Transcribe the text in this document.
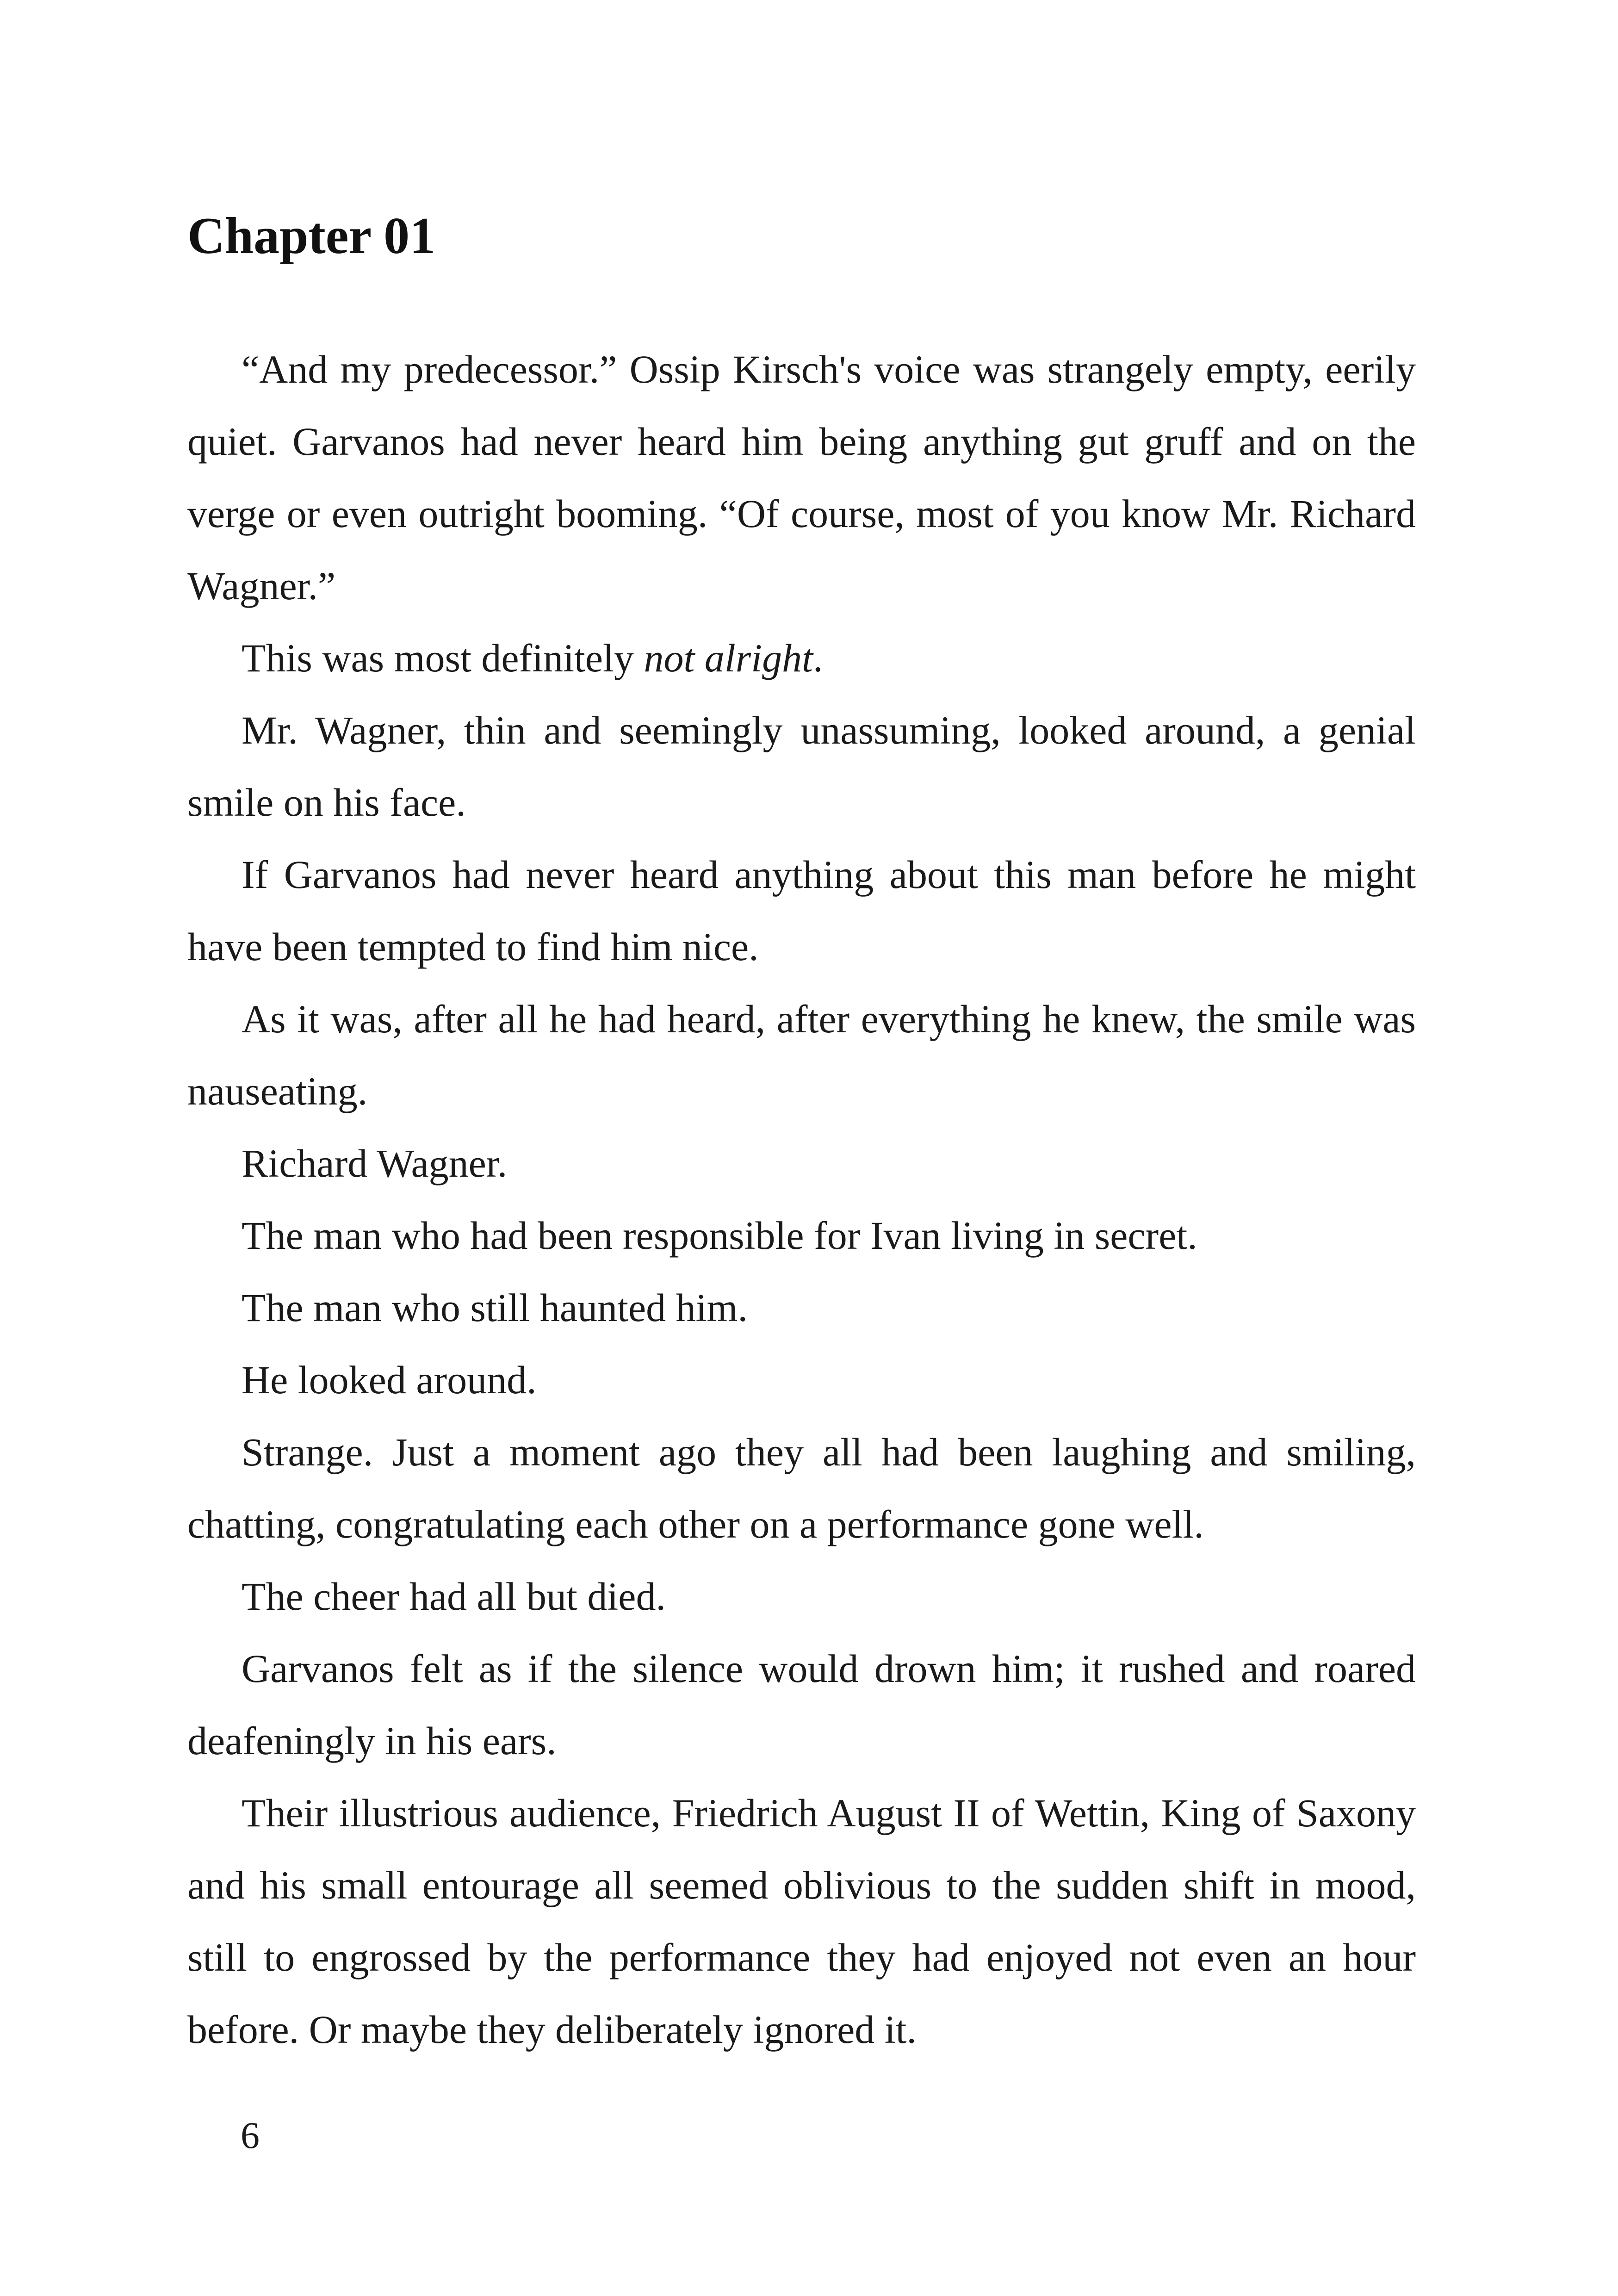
Chapter 01

“And my predecessor.” Ossip Kirsch's voice was strangely empty, eerily quiet. Garvanos had never heard him being anything gut gruff and on the verge or even outright booming. “Of course, most of you know Mr. Richard Wagner.”

This was most definitely not alright.

Mr. Wagner, thin and seemingly unassuming, looked around, a genial smile on his face.

If Garvanos had never heard anything about this man before he might have been tempted to find him nice.

As it was, after all he had heard, after everything he knew, the smile was nauseating.

Richard Wagner.

The man who had been responsible for Ivan living in secret.

The man who still haunted him.

He looked around.

Strange. Just a moment ago they all had been laughing and smiling, chatting, congratulating each other on a performance gone well.

The cheer had all but died.

Garvanos felt as if the silence would drown him; it rushed and roared deafeningly in his ears.

Their illustrious audience, Friedrich August II of Wettin, King of Saxony and his small entourage all seemed oblivious to the sudden shift in mood, still to engrossed by the performance they had enjoyed not even an hour before. Or maybe they deliberately ignored it.

6
